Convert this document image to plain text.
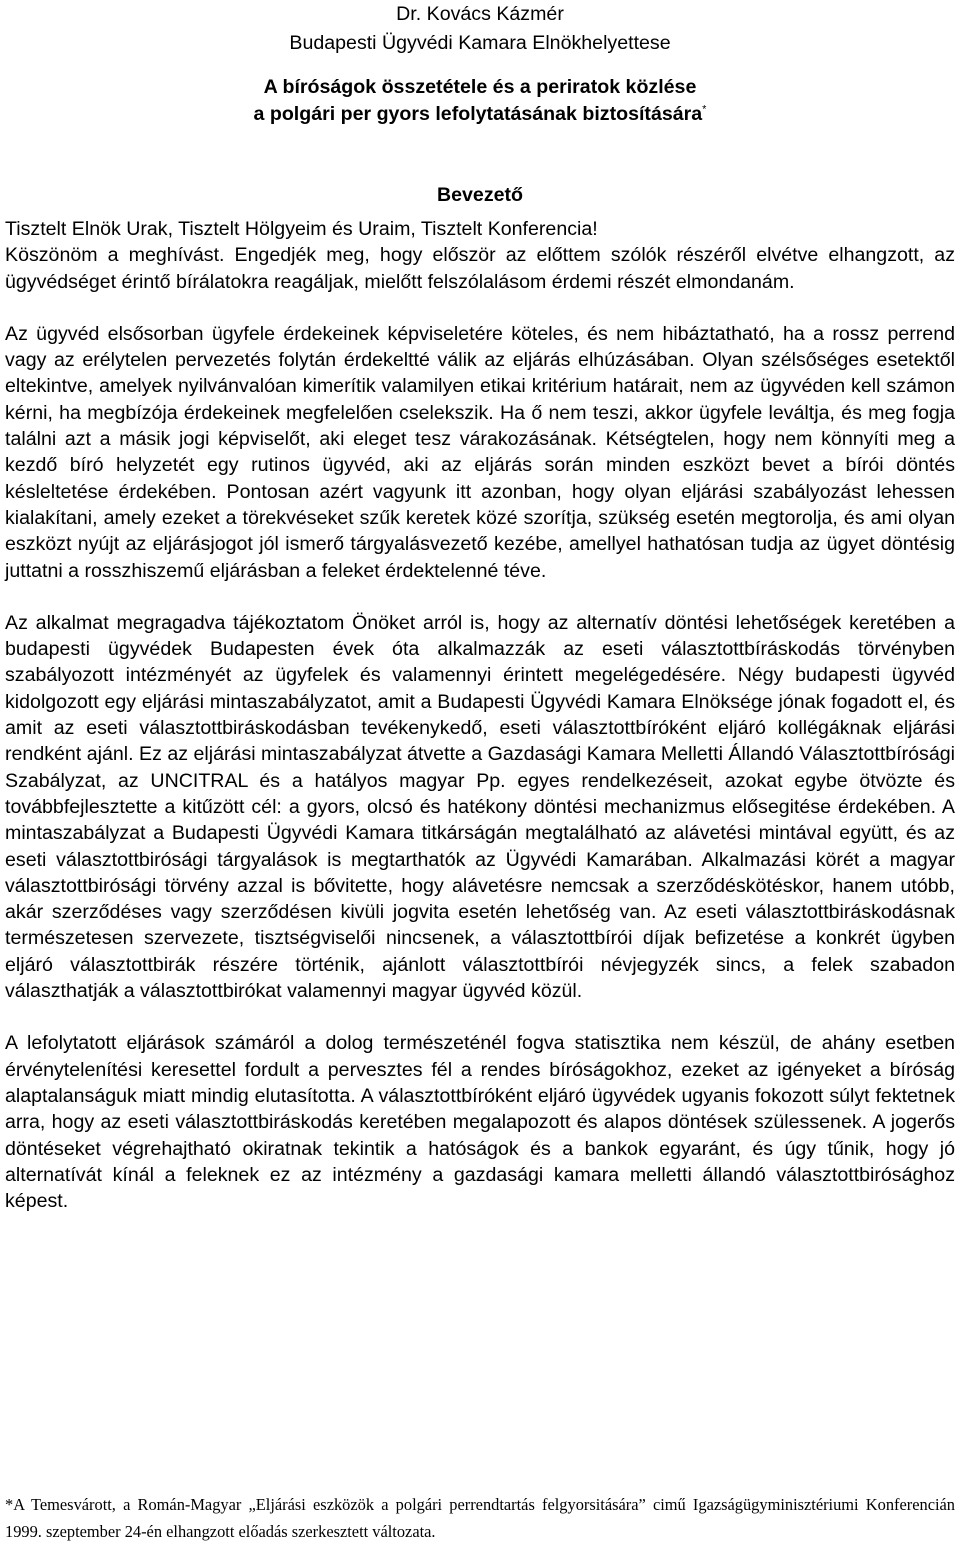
Dr. Kovács Kázmér
Budapesti Ügyvédi Kamara Elnökhelyettese
A bíróságok összetétele és a periratok közlése
a polgári per gyors lefolytatásának biztosítására*
Bevezető

Tisztelt Elnök Urak, Tisztelt Hölgyeim és Uraim, Tisztelt Konferencia!

Köszönöm a meghívást. Engedjék meg, hogy először az előttem szólók részéről elvétve elhangzott, az ügyvédséget érintő bírálatokra reagáljak, mielőtt felszólalásom érdemi részét elmondanám.

Az ügyvéd elsősorban ügyfele érdekeinek képviseletére köteles, és nem hibáztatható, ha a rossz perrend vagy az erélytelen pervezetés folytán érdekeltté válik az eljárás elhúzásában. Olyan szélsőséges esetektől eltekintve, amelyek nyilvánvalóan kimerítik valamilyen etikai kritérium határait, nem az ügyvéden kell számon kérni, ha megbízója érdekeinek megfelelően cselekszik. Ha ő nem teszi, akkor ügyfele leváltja, és meg fogja találni azt a másik jogi képviselőt, aki eleget tesz várakozásának. Kétségtelen, hogy nem könnyíti meg a kezdő bíró helyzetét egy rutinos ügyvéd, aki az eljárás során minden eszközt bevet a bírói döntés késleltetése érdekében. Pontosan azért vagyunk itt azonban, hogy olyan eljárási szabályozást lehessen kialakítani, amely ezeket a törekvéseket szűk keretek közé szorítja, szükség esetén megtorolja, és ami olyan eszközt nyújt az eljárásjogot jól ismerő tárgyalásvezető kezébe, amellyel hathatósan tudja az ügyet döntésig juttatni a rosszhiszemű eljárásban a feleket érdektelenné téve.

Az alkalmat megragadva tájékoztatom Önöket arról is, hogy az alternatív döntési lehetőségek keretében a budapesti ügyvédek Budapesten évek óta alkalmazzák az eseti választottbíráskodás törvényben szabályozott intézményét az ügyfelek és valamennyi érintett megelégedésére. Négy budapesti ügyvéd kidolgozott egy eljárási mintaszabályzatot, amit a Budapesti Ügyvédi Kamara Elnöksége jónak fogadott el, és amit az eseti választottbiráskodásban tevékenykedő, eseti választottbíróként eljáró kollégáknak eljárási rendként ajánl. Ez az eljárási mintaszabályzat átvette a Gazdasági Kamara Melletti Állandó Választottbírósági Szabályzat, az UNCITRAL és a hatályos magyar Pp. egyes rendelkezéseit, azokat egybe ötvözte és továbbfejlesztette a kitűzött cél: a gyors, olcsó és hatékony döntési mechanizmus elősegitése érdekében. A mintaszabályzat a Budapesti Ügyvédi Kamara titkárságán megtalálható az alávetési mintával együtt, és az eseti választottbirósági tárgyalások is megtarthatók az Ügyvédi Kamarában. Alkalmazási körét a magyar választottbirósági törvény azzal is bővitette, hogy alávetésre nemcsak a szerződéskötéskor, hanem utóbb, akár szerződéses vagy szerződésen kivüli jogvita esetén lehetőség van. Az eseti választottbiráskodásnak természetesen szervezete, tisztségviselői nincsenek, a választottbírói díjak befizetése a konkrét ügyben eljáró választottbirák részére történik, ajánlott választottbírói névjegyzék sincs, a felek szabadon választhatják a választottbirókat valamennyi magyar ügyvéd közül.

A lefolytatott eljárások számáról a dolog természeténél fogva statisztika nem készül, de ahány esetben érvénytelenítési keresettel fordult a pervesztes fél a rendes bíróságokhoz, ezeket az igényeket a bíróság alaptalanságuk miatt mindig elutasította. A választottbíróként eljáró ügyvédek ugyanis fokozott súlyt fektetnek arra, hogy az eseti választottbiráskodás keretében megalapozott és alapos döntések szülessenek. A jogerős döntéseket végrehajtható okiratnak tekintik a hatóságok és a bankok egyaránt, és úgy tűnik, hogy jó alternatívát kínál a feleknek ez az intézmény a gazdasági kamara melletti állandó választottbirósághoz képest.

*A Temesvárott, a Román-Magyar „Eljárási eszközök a polgári perrendtartás felgyorsitására” cimű Igazságügyminisztériumi Konferencián 1999. szeptember 24-én elhangzott előadás szerkesztett változata.
